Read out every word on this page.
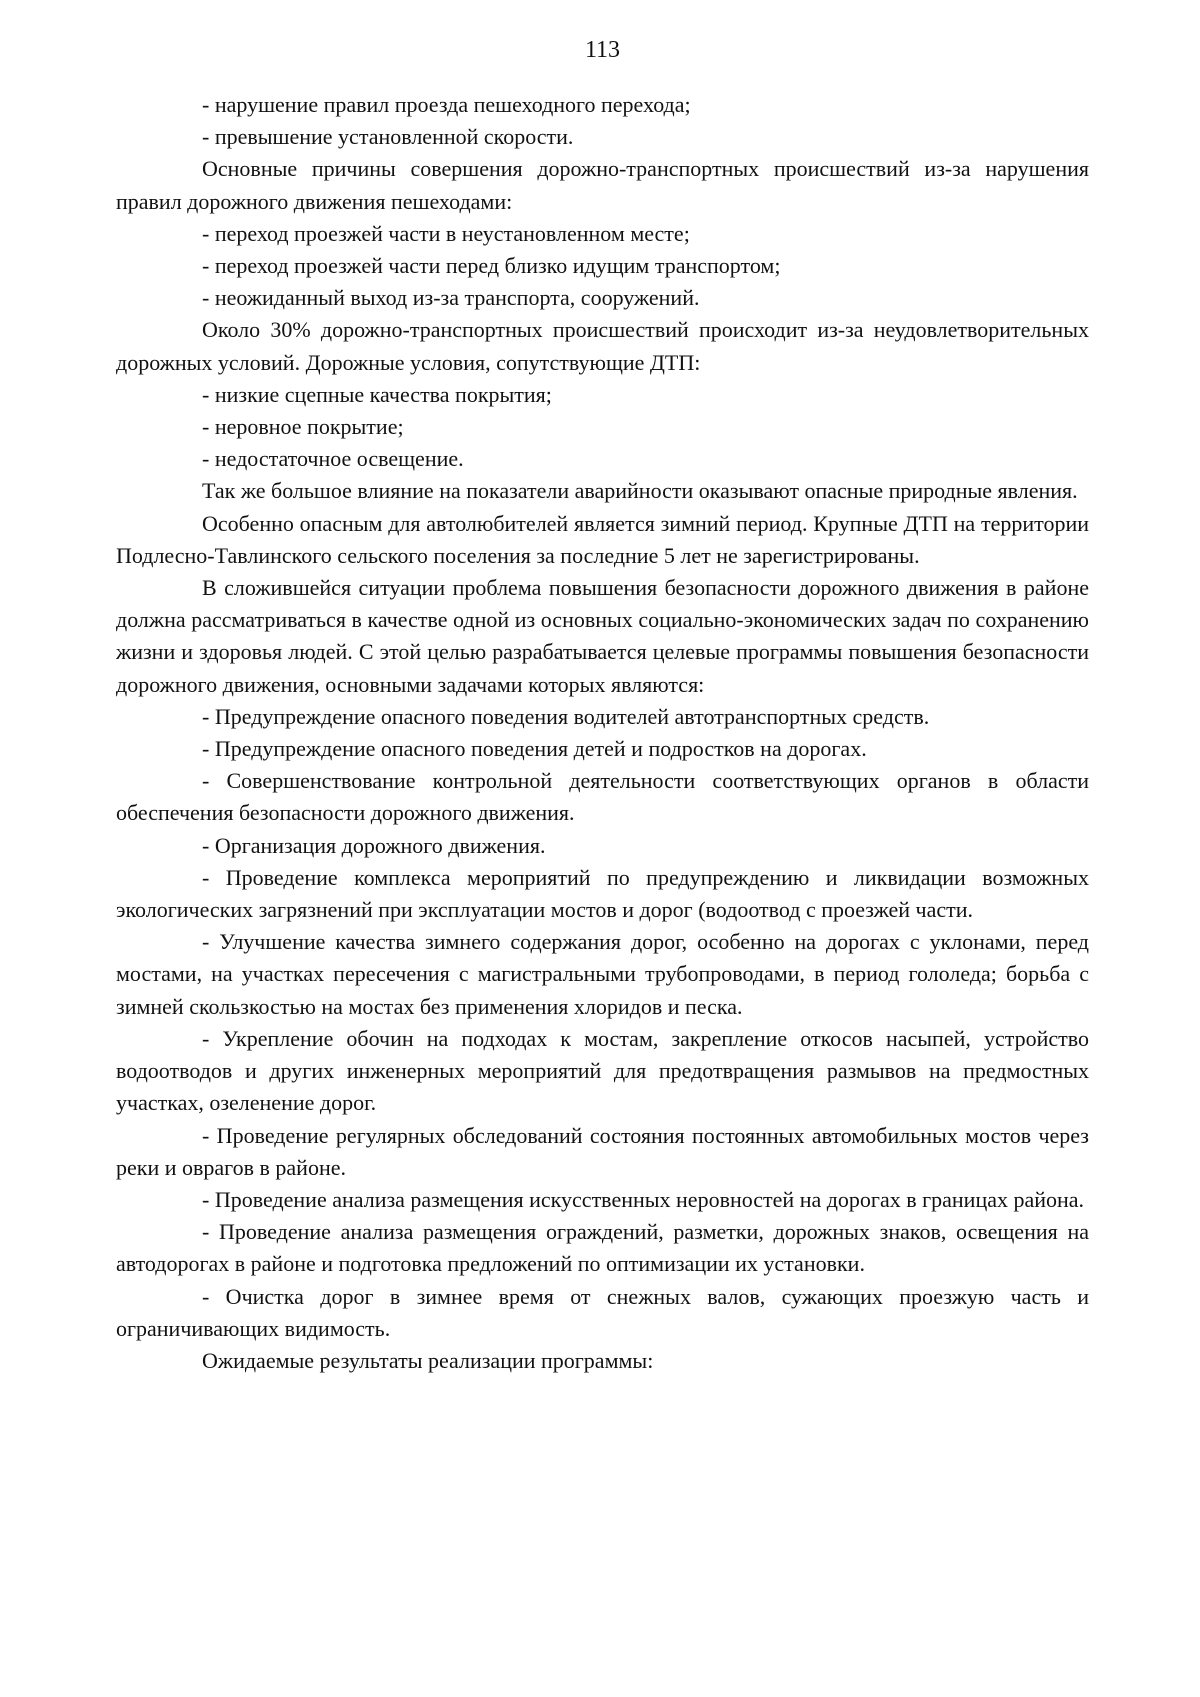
113

- нарушение правил проезда пешеходного перехода;

- превышение установленной скорости.

Основные причины совершения дорожно-транспортных происшествий из-за нарушения правил дорожного движения пешеходами:

- переход проезжей части в неустановленном месте;

- переход проезжей части перед близко идущим транспортом;

- неожиданный выход из-за транспорта, сооружений.

Около 30% дорожно-транспортных происшествий происходит из-за неудовлетворительных дорожных условий. Дорожные условия, сопутствующие ДТП:

- низкие сцепные качества покрытия;

- неровное покрытие;

- недостаточное освещение.

Так же большое влияние на показатели аварийности оказывают опасные природные явления.

Особенно опасным для автолюбителей является зимний период. Крупные ДТП на территории Подлесно-Тавлинского сельского поселения за последние 5 лет не зарегистрированы.

В сложившейся ситуации проблема повышения безопасности дорожного движения в районе должна рассматриваться в качестве одной из основных социально-экономических задач по сохранению жизни и здоровья людей. С этой целью разрабатывается целевые программы повышения безопасности дорожного движения, основными задачами которых являются:

- Предупреждение опасного поведения водителей автотранспортных средств.

- Предупреждение опасного поведения детей и подростков на дорогах.

- Совершенствование контрольной деятельности соответствующих органов в области обеспечения безопасности дорожного движения.

- Организация дорожного движения.

- Проведение комплекса мероприятий по предупреждению и ликвидации возможных экологических загрязнений при эксплуатации мостов и дорог (водоотвод с проезжей части.

- Улучшение качества зимнего содержания дорог, особенно на дорогах с уклонами, перед мостами, на участках пересечения с магистральными трубопроводами, в период гололеда; борьба с зимней скользкостью на мостах без применения хлоридов и песка.

- Укрепление обочин на подходах к мостам, закрепление откосов насыпей, устройство водоотводов и других инженерных мероприятий для предотвращения размывов на предмостных участках, озеленение дорог.

- Проведение регулярных обследований состояния постоянных автомобильных мостов через реки и оврагов в районе.

- Проведение анализа размещения искусственных неровностей на дорогах в границах района.

- Проведение анализа размещения ограждений, разметки, дорожных знаков, освещения на автодорогах в районе и подготовка предложений по оптимизации их установки.

- Очистка дорог в зимнее время от снежных валов, сужающих проезжую часть и ограничивающих видимость.

Ожидаемые результаты реализации программы:
